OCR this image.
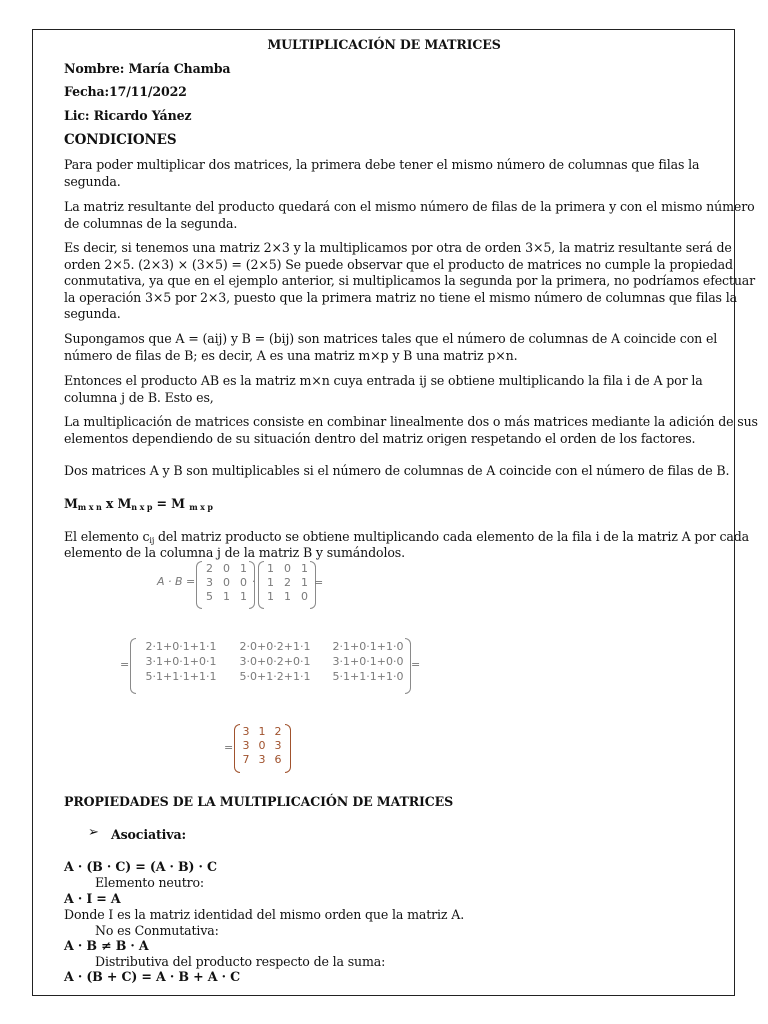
MULTIPLICACIÓN DE MATRICES
Nombre: María Chamba
Fecha:17/11/2022
Lic: Ricardo Yánez
CONDICIONES
Para poder multiplicar dos matrices, la primera debe tener el mismo número de columnas que filas la
segunda.
La matriz resultante del producto quedará con el mismo número de filas de la primera y con el mismo número
de columnas de la segunda.
Es decir, si tenemos una matriz 2×3 y la multiplicamos por otra de orden 3×5, la matriz resultante será de
orden 2×5. (2×3) × (3×5) = (2×5) Se puede observar que el producto de matrices no cumple la propiedad
conmutativa, ya que en el ejemplo anterior, si multiplicamos la segunda por la primera, no podríamos efectuar
la operación 3×5 por 2×3, puesto que la primera matriz no tiene el mismo número de columnas que filas la
segunda.
Supongamos que A = (aij) y B = (bij) son matrices tales que el número de columnas de A coincide con el
número de filas de B; es decir, A es una matriz m×p y B una matriz p×n.
Entonces el producto AB es la matriz m×n cuya entrada ij se obtiene multiplicando la fila i de A por la
columna j de B. Esto es,
La multiplicación de matrices consiste en combinar linealmente dos o más matrices mediante la adición de sus
elementos dependiendo de su situación dentro del matriz origen respetando el orden de los factores.
Dos matrices A y B son multiplicables si el número de columnas de A coincide con el número de filas de B.
$M_{m x n}$ x $M_{n x p} = M$ $_{m x p}$
El elemento $c_{ij}$ del matriz producto se obtiene multiplicando cada elemento de la fila i de la matriz A por cada
elemento de la columna j de la matriz B y sumándolos.
A · B =
2 0 1
3 0 0
5 1 1
·
1 0 1
1 2 1
1 1 0
=
=
2·1+0·1+1·1	2·0+0·2+1·1	2·1+0·1+1·0
3·1+0·1+0·1	3·0+0·2+0·1	3·1+0·1+0·0
5·1+1·1+1·1	5·0+1·2+1·1	5·1+1·1+1·0
=
=
3 1 2
3 0 3
7 3 6
PROPIEDADES DE LA MULTIPLICACIÓN DE MATRICES
➢ Asociativa:
A · (B · C) = (A · B) · C
Elemento neutro:
A · I = A
Donde I es la matriz identidad del mismo orden que la matriz A.
No es Conmutativa:
A · B ≠ B · A
Distributiva del producto respecto de la suma:
A · (B + C) = A · B + A · C
